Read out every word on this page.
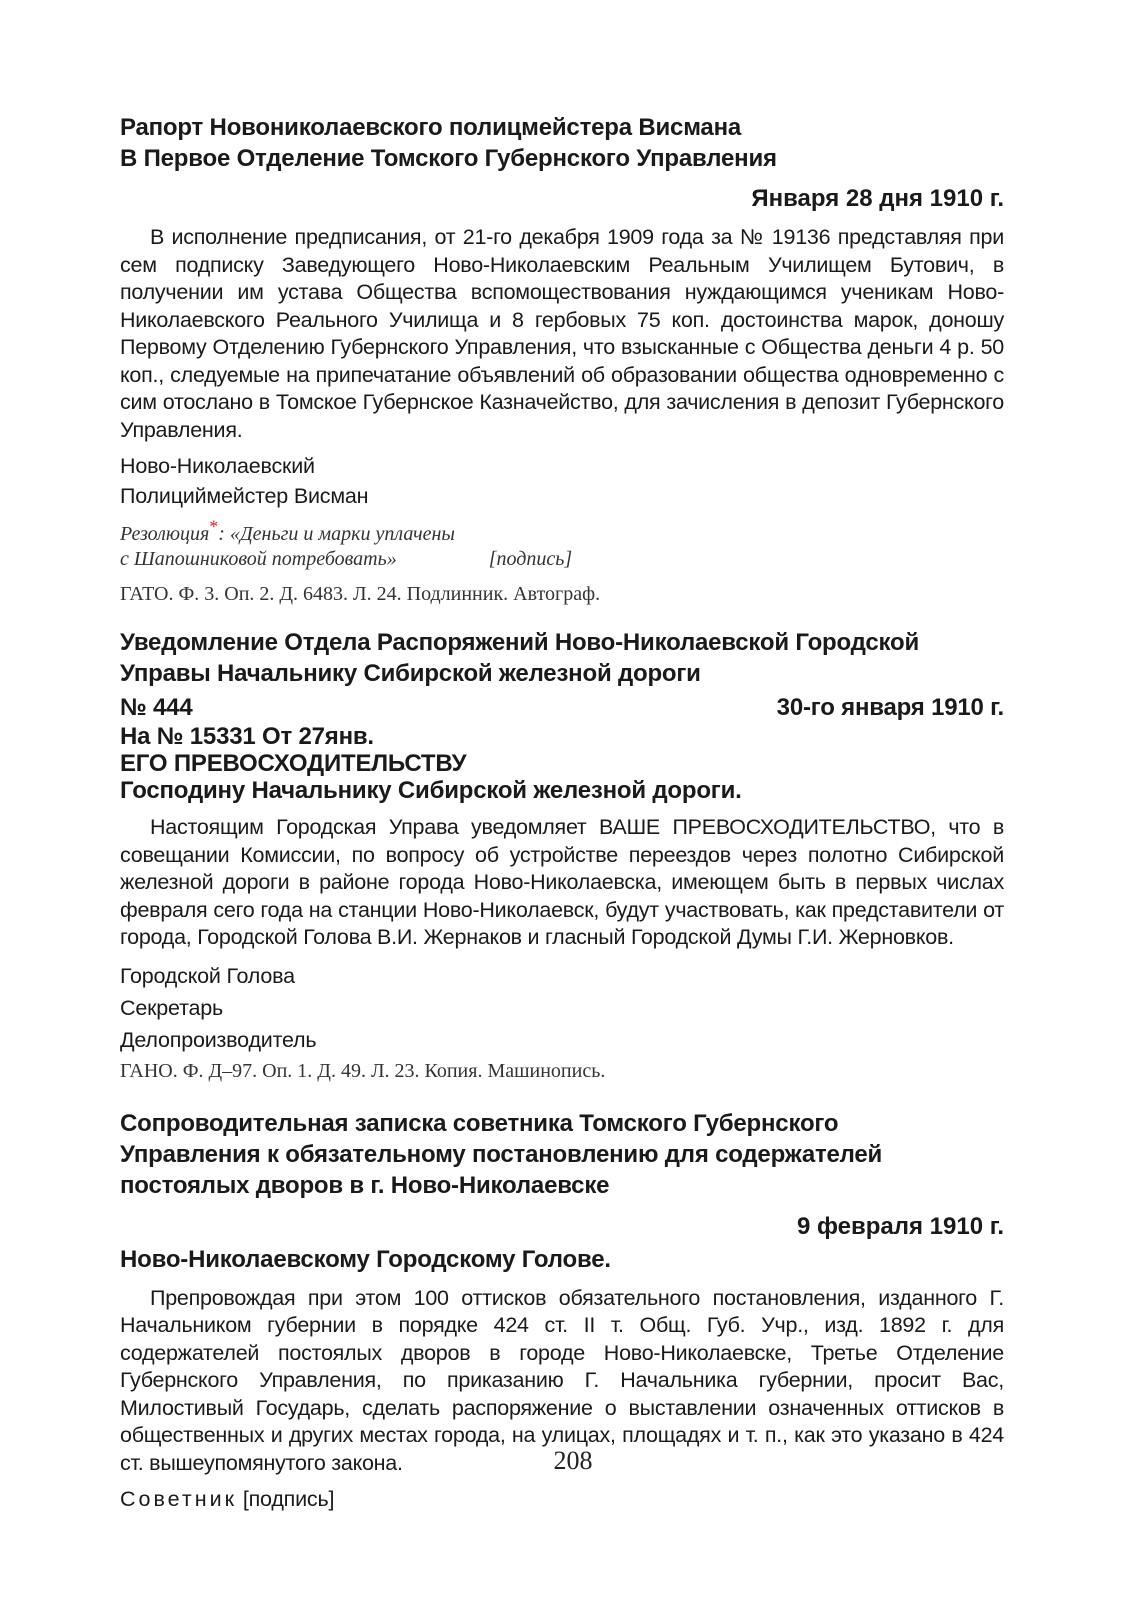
Рапорт Новониколаевского полицмейстера Висмана

В Первое Отделение Томского Губернского Управления

Января 28 дня 1910 г.

В исполнение предписания, от 21-го декабря 1909 года за № 19136 представляя при сем подписку Заведующего Ново-Николаевским Реальным Училищем Бутович, в получении им устава Общества вспомоществования нуждающимся ученикам Ново-Николаевского Реального Училища и 8 гербовых 75 коп. достоинства марок, доношу Первому Отделению Губернского Управления, что взысканные с Общества деньги 4 р. 50 коп., следуемые на припечатание объявлений об образовании общества одновременно с сим отослано в Томское Губернское Казначейство, для зачисления в депозит Губернского Управления.

Ново-Николаевский
Полициймейстер Висман
Резолюция*: «Деньги и марки уплачены
с Шапошниковой потребовать»	[подпись]
ГАТО. Ф. 3. Оп. 2. Д. 6483. Л. 24. Подлинник. Автограф.

Уведомление Отдела Распоряжений Ново-Николаевской Городской

Управы Начальнику Сибирской железной дороги

№ 444	30-го января 1910 г.

На № 15331 От 27янв.

ЕГО ПРЕВОСХОДИТЕЛЬСТВУ

Господину Начальнику Сибирской железной дороги.

Настоящим Городская Управа уведомляет ВАШЕ ПРЕВОСХОДИТЕЛЬСТВО, что в совещании Комиссии, по вопросу об устройстве переездов через полотно Сибирской железной дороги в районе города Ново-Николаевска, имеющем быть в первых числах февраля сего года на станции Ново-Николаевск, будут участвовать, как представители от города, Городской Голова В.И. Жернаков и гласный Городской Думы Г.И. Жерновков.

Городской Голова
Секретарь
Делопроизводитель
ГАНО. Ф. Д–97. Оп. 1. Д. 49. Л. 23. Копия. Машинопись.

Сопроводительная записка советника Томского Губернского

Управления к обязательному постановлению для содержателей

постоялых дворов в г. Ново-Николаевске

9 февраля 1910 г.

Ново-Николаевскому Городскому Голове.

Препровождая при этом 100 оттисков обязательного постановления, изданного Г. Начальником губернии в порядке 424 ст. II т. Общ. Губ. Учр., изд. 1892 г. для содержателей постоялых дворов в городе Ново-Николаевске, Третье Отделение Губернского Управления, по приказанию Г. Начальника губернии, просит Вас, Милостивый Государь, сделать распоряжение о выставлении означенных оттисков в общественных и других местах города, на улицах, площадях и т. п., как это указано в 424 ст. вышеупомянутого закона.

Советник [подпись]
208
